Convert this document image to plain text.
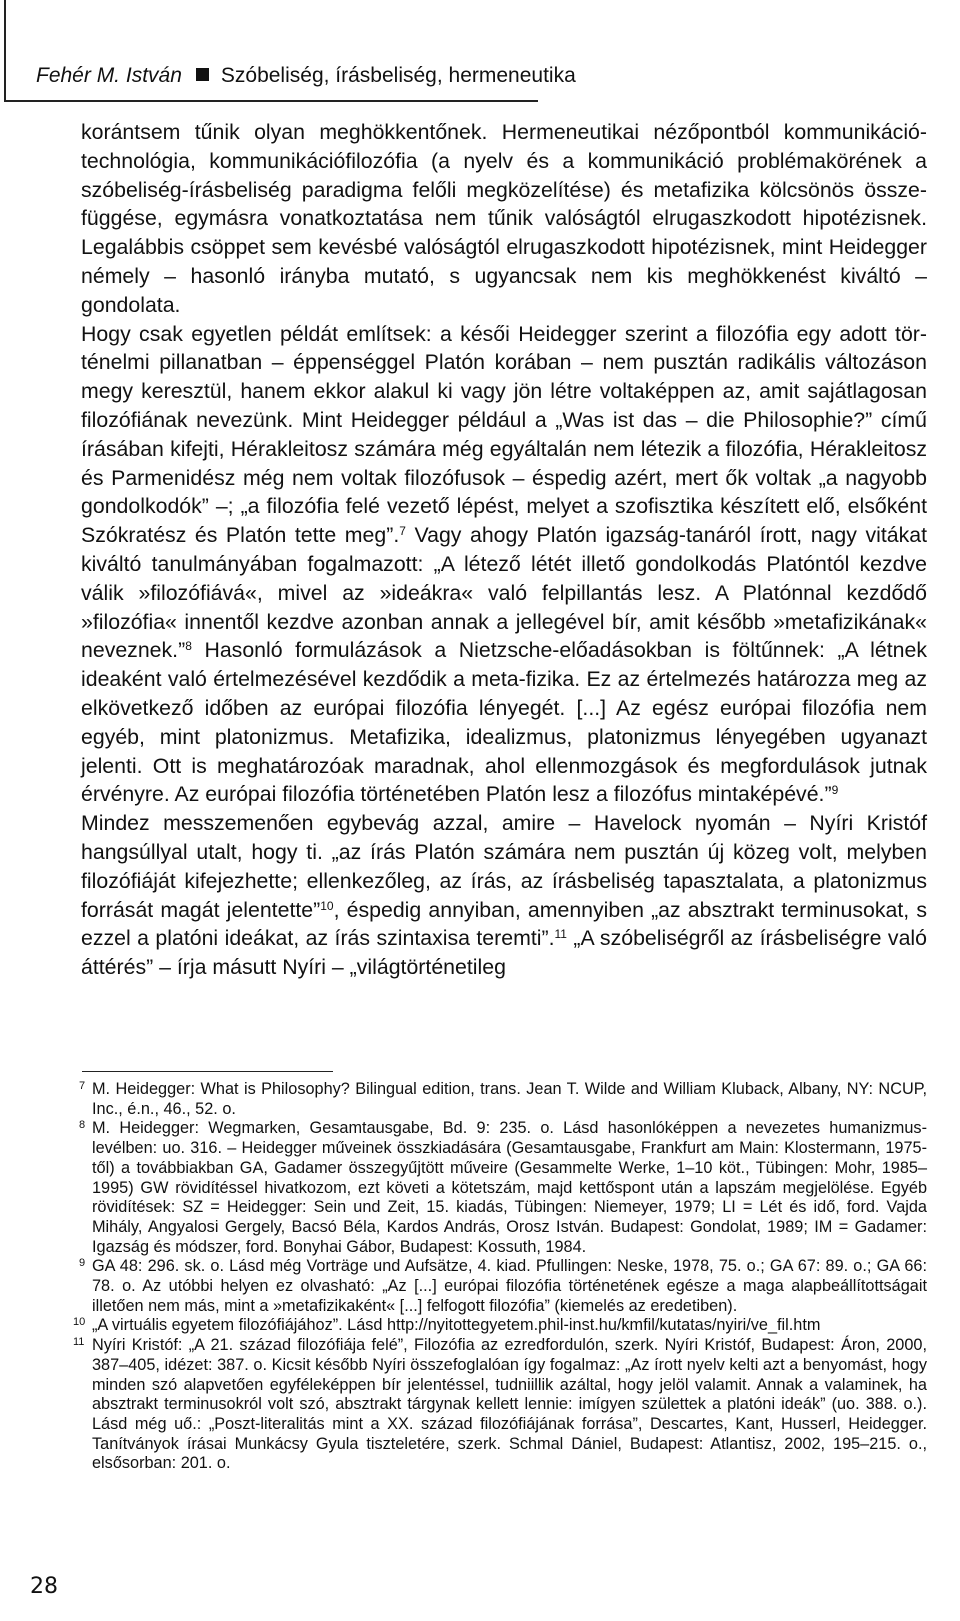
Fehér M. István Szóbeliség, írásbeliség, hermeneutika

korántsem tűnik olyan meghökkentőnek. Hermeneutikai nézőpontból kommunikációtechnológia, kommunikációfilozófia (a nyelv és a kommunikáció problémakörének a szóbeliség-írásbeliség paradigma felőli megközelítése) és metafizika kölcsönös összefüggése, egymásra vonatkoztatása nem tűnik valóságtól elrugaszkodott hipotézisnek. Legalábbis csöppet sem kevésbé valóságtól elrugaszkodott hipotézisnek, mint Heidegger némely – hasonló irányba mutató, s ugyancsak nem kis meghökkenést kiváltó – gondolata.

Hogy csak egyetlen példát említsek: a késői Heidegger szerint a filozófia egy adott történelmi pillanatban – éppenséggel Platón korában – nem pusztán radikális változáson megy keresztül, hanem ekkor alakul ki vagy jön létre voltaképpen az, amit sajátlagosan filozófiának nevezünk. Mint Heidegger például a „Was ist das – die Philosophie?” című írásában kifejti, Hérakleitosz számára még egyáltalán nem létezik a filozófia, Hérakleitosz és Parmenidész még nem voltak filozófusok – éspedig azért, mert ők voltak „a nagyobb gondolkodók” –; „a filozófia felé vezető lépést, melyet a szofisztika készített elő, elsőként Szókratész és Platón tette meg”.$^7$ Vagy ahogy Platón igazság-tanáról írott, nagy vitákat kiváltó tanulmányában fogalmazott: „A létező létét illető gondolkodás Platóntól kezdve válik »filozófiává«, mivel az »ideákra« való felpillantás lesz. A Platónnal kezdődő »filozófia« innentől kezdve azonban annak a jellegével bír, amit később »metafizikának« neveznek.”$^8$ Hasonló formulázások a Nietzsche-előadásokban is föltűnnek: „A létnek ideaként való értelmezésével kezdődik a meta-fizika. Ez az értelmezés határozza meg az elkövetkező időben az európai filozófia lényegét. [...] Az egész európai filozófia nem egyéb, mint platonizmus. Metafizika, idealizmus, platonizmus lényegében ugyanazt jelenti. Ott is meghatározóak maradnak, ahol ellenmozgások és megfordulások jutnak érvényre. Az európai filozófia történetében Platón lesz a filozófus mintaképévé.”$^9$

Mindez messzemenően egybevág azzal, amire – Havelock nyomán – Nyíri Kristóf hangsúllyal utalt, hogy ti. „az írás Platón számára nem pusztán új közeg volt, melyben filozófiáját kifejezhette; ellenkezőleg, az írás, az írásbeliség tapasztalata, a platonizmus forrását magát jelentette”$^{10}$, éspedig annyiban, amennyiben „az absztrakt terminusokat, s ezzel a platóni ideákat, az írás szintaxisa teremti”.$^{11}$ „A szóbeliségről az írásbeliségre való áttérés” – írja másutt Nyíri – „világtörténetileg

7 M. Heidegger: What is Philosophy? Bilingual edition, trans. Jean T. Wilde and William Kluback, Albany, NY: NCUP, Inc., é.n., 46., 52. o.

8 M. Heidegger: Wegmarken, Gesamtausgabe, Bd. 9: 235. o. Lásd hasonlóképpen a nevezetes humanizmuslevélben: uo. 316. – Heidegger műveinek összkiadására (Gesamtausgabe, Frankfurt am Main: Klostermann, 1975-től) a továbbiakban GA, Gadamer összegyűjtött műveire (Gesammelte Werke, 1–10 köt., Tübingen: Mohr, 1985–1995) GW rövidítéssel hivatkozom, ezt követi a kötetszám, majd kettőspont után a lapszám megjelölése. Egyéb rövidítések: SZ = Heidegger: Sein und Zeit, 15. kiadás, Tübingen: Niemeyer, 1979; LI = Lét és idő, ford. Vajda Mihály, Angyalosi Gergely, Bacsó Béla, Kardos András, Orosz István. Budapest: Gondolat, 1989; IM = Gadamer: Igazság és módszer, ford. Bonyhai Gábor, Budapest: Kossuth, 1984.

9 GA 48: 296. sk. o. Lásd még Vorträge und Aufsätze, 4. kiad. Pfullingen: Neske, 1978, 75. o.; GA 67: 89. o.; GA 66: 78. o. Az utóbbi helyen ez olvasható: „Az [...] európai filozófia történetének egésze a maga alapbeállítottságait illetően nem más, mint a »metafizikaként« [...] felfogott filozófia” (kiemelés az eredetiben).

10 „A virtuális egyetem filozófiájához”. Lásd http://nyitottegyetem.phil-inst.hu/kmfil/kutatas/nyiri/ve_fil.htm

11 Nyíri Kristóf: „A 21. század filozófiája felé”, Filozófia az ezredfordulón, szerk. Nyíri Kristóf, Budapest: Áron, 2000, 387–405, idézet: 387. o. Kicsit később Nyíri összefoglalóan így fogalmaz: „Az írott nyelv kelti azt a benyomást, hogy minden szó alapvetően egyféleképpen bír jelentéssel, tudniillik azáltal, hogy jelöl valamit. Annak a valaminek, ha absztrakt terminusokról volt szó, absztrakt tárgynak kellett lennie: imígyen születtek a platóni ideák” (uo. 388. o.). Lásd még uő.: „Poszt-literalitás mint a XX. század filozófiájának forrása”, Descartes, Kant, Husserl, Heidegger. Tanítványok írásai Munkácsy Gyula tiszteletére, szerk. Schmal Dániel, Budapest: Atlantisz, 2002, 195–215. o., elsősorban: 201. o.

28
